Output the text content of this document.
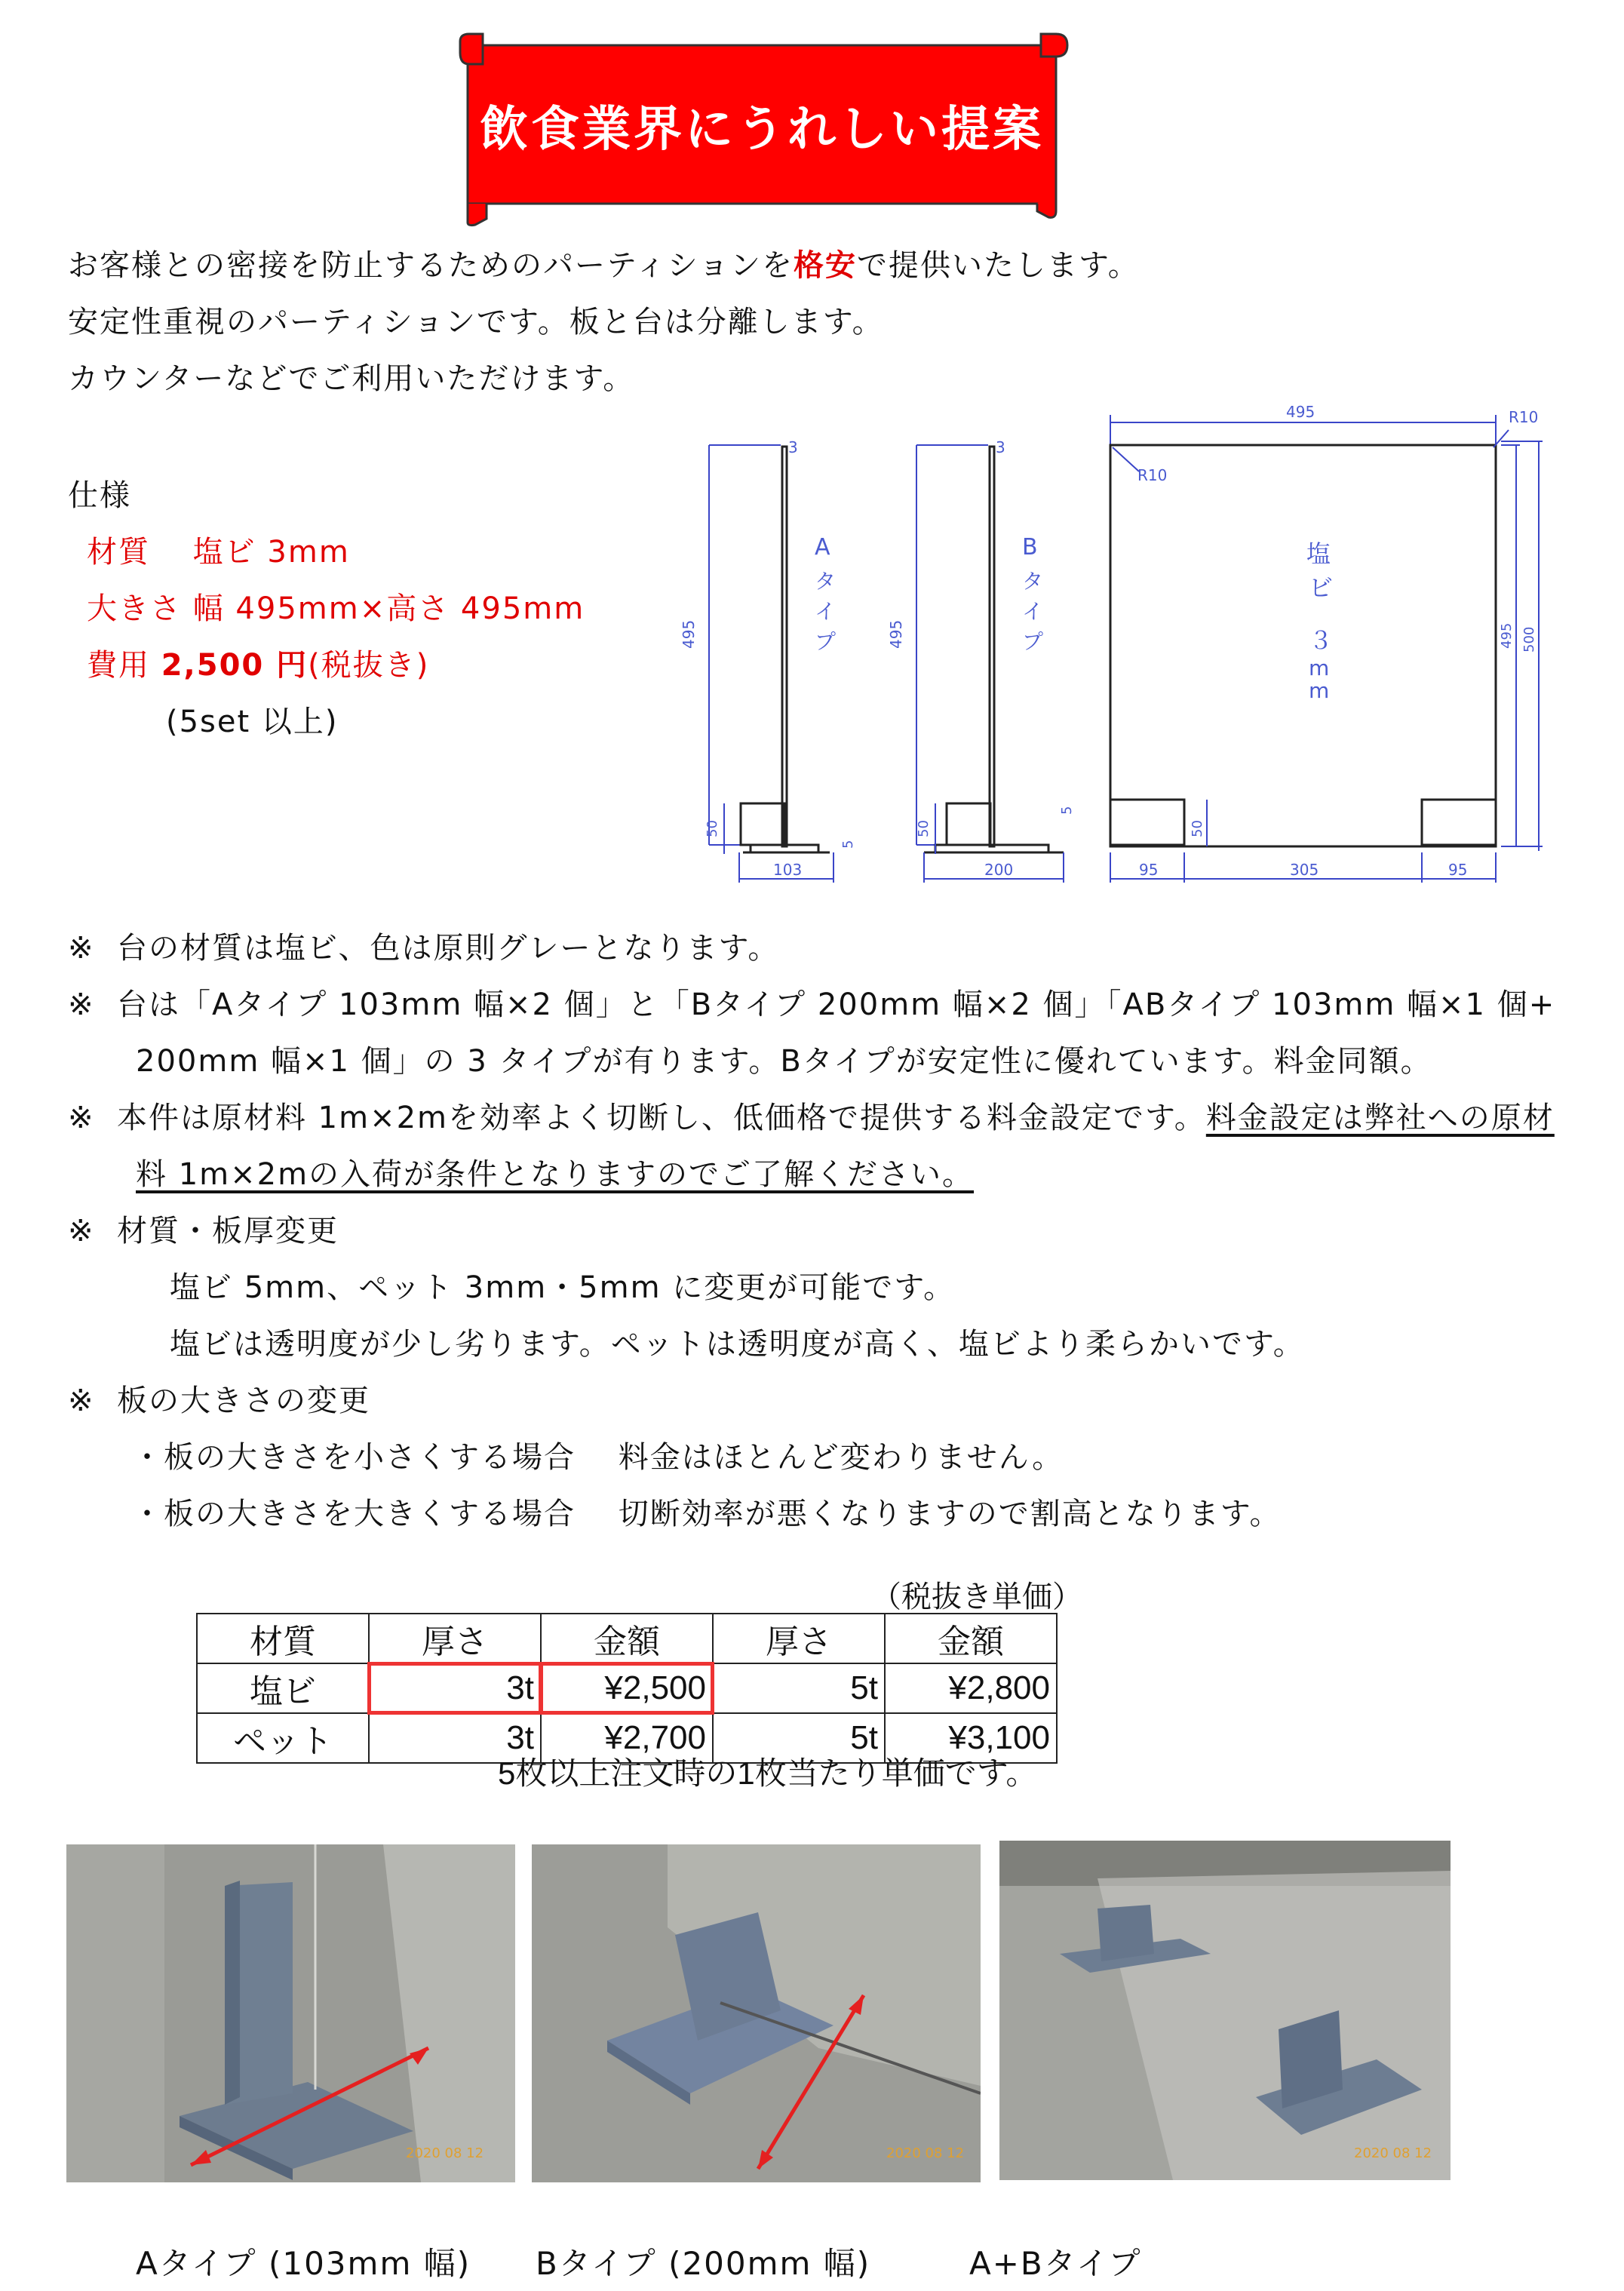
飲食業界にうれしい提案
お客様との密接を防止するためのパーティションを格安で提供いたします。
安定性重視のパーティションです。板と台は分離します。
カウンターなどでご利用いただけます。
仕様
材質　 塩ビ 3mm
大きさ 幅 495mm×高さ 495mm
費用 2,500 円(税抜き)
(5set 以上)
3
495
50
5
103
A
タ
イ
プ
3
495
50
5
200
B
タ
イ
プ
495	R10
R10
495 500
50
95	305	95
塩
ビ
３
m
m
※ 台の材質は塩ビ、色は原則グレーとなります。
※ 台は「Aタイプ 103mm 幅×2 個」と「Bタイプ 200mm 幅×2 個」「ABタイプ 103mm 幅×1 個+
200mm 幅×1 個」の 3 タイプが有ります。Bタイプが安定性に優れています。料金同額。
※ 本件は原材料 1m×2mを効率よく切断し、低価格で提供する料金設定です。料金設定は弊社への原材
料 1m×2mの入荷が条件となりますのでご了解ください。
※ 材質・板厚変更
塩ビ 5mm、ペット 3mm・5mm に変更が可能です。
塩ビは透明度が少し劣ります。ペットは透明度が高く、塩ビより柔らかいです。
※ 板の大きさの変更
・板の大きさを小さくする場合　 料金はほとんど変わりません。
・板の大きさを大きくする場合　 切断効率が悪くなりますので割高となります。
（税抜き単価）
材質	厚さ	金額	厚さ	金額
塩ビ	3t	¥2,500	5t	¥2,800
ペット	3t	¥2,700	5t	¥3,100
5枚以上注文時の1枚当たり単価です。
2020 08 12	2020 08 12	2020 08 12
Aタイプ (103mm 幅) Bタイプ (200mm 幅)	A+Bタイプ
